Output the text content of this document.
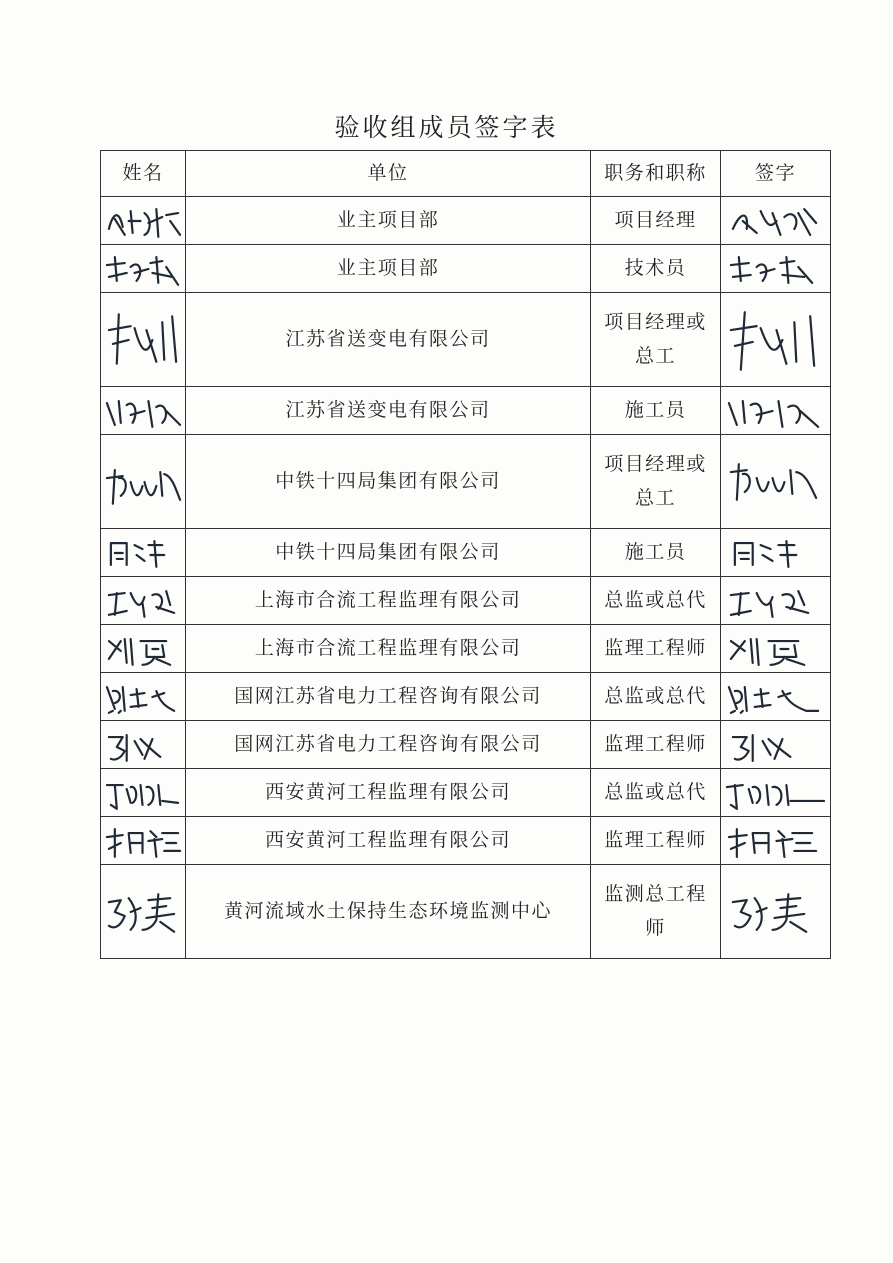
验收组成员签字表
姓名	单位	职务和职称	签字

	业主项目部	项目经理	

	业主项目部	技术员	

	江苏省送变电有限公司	项目经理或总工	

	江苏省送变电有限公司	施工员	

	中铁十四局集团有限公司	项目经理或总工	

	中铁十四局集团有限公司	施工员	

	上海市合流工程监理有限公司	总监或总代	

	上海市合流工程监理有限公司	监理工程师	

	国网江苏省电力工程咨询有限公司	总监或总代	

	国网江苏省电力工程咨询有限公司	监理工程师	

	西安黄河工程监理有限公司	总监或总代	

	西安黄河工程监理有限公司	监理工程师	

	黄河流域水土保持生态环境监测中心	监测总工程师	
